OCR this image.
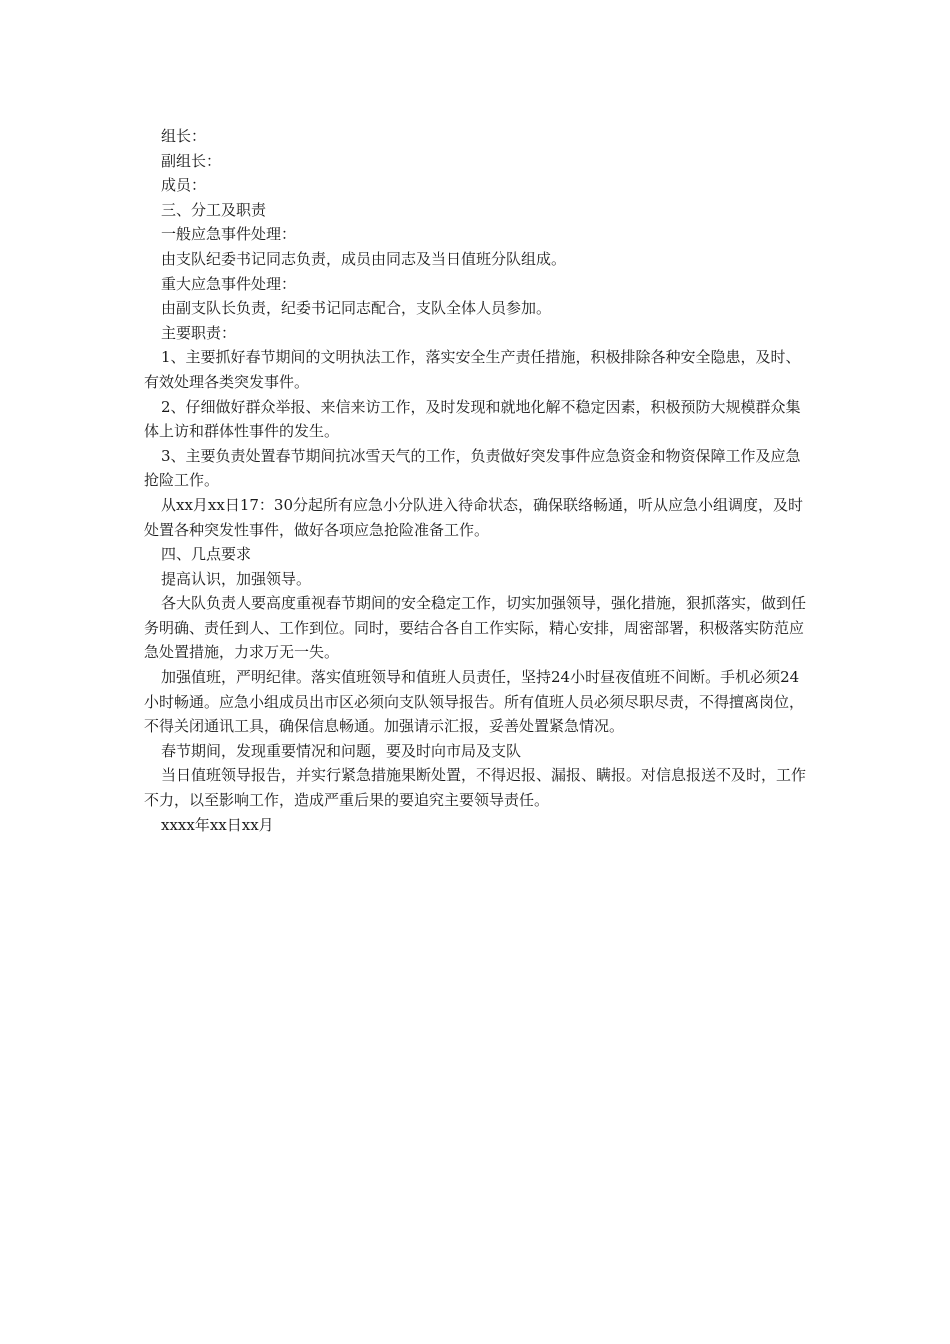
组长：

副组长：

成员：

三、分工及职责

一般应急事件处理：

由支队纪委书记同志负责，成员由同志及当日值班分队组成。

重大应急事件处理：

由副支队长负责，纪委书记同志配合，支队全体人员参加。

主要职责：

1、主要抓好春节期间的文明执法工作，落实安全生产责任措施，积极排除各种安全隐患，及时、有效处理各类突发事件。

2、仔细做好群众举报、来信来访工作，及时发现和就地化解不稳定因素，积极预防大规模群众集体上访和群体性事件的发生。

3、主要负责处置春节期间抗冰雪天气的工作，负责做好突发事件应急资金和物资保障工作及应急抢险工作。

从xx月xx日17：30分起所有应急小分队进入待命状态，确保联络畅通，听从应急小组调度，及时处置各种突发性事件，做好各项应急抢险准备工作。

四、几点要求

提高认识，加强领导。

各大队负责人要高度重视春节期间的安全稳定工作，切实加强领导，强化措施，狠抓落实，做到任务明确、责任到人、工作到位。同时，要结合各自工作实际，精心安排，周密部署，积极落实防范应急处置措施，力求万无一失。

加强值班，严明纪律。落实值班领导和值班人员责任，坚持24小时昼夜值班不间断。手机必须24小时畅通。应急小组成员出市区必须向支队领导报告。所有值班人员必须尽职尽责，不得擅离岗位，不得关闭通讯工具，确保信息畅通。加强请示汇报，妥善处置紧急情况。

春节期间，发现重要情况和问题，要及时向市局及支队

当日值班领导报告，并实行紧急措施果断处置，不得迟报、漏报、瞒报。对信息报送不及时，工作不力，以至影响工作，造成严重后果的要追究主要领导责任。

xxxx年xx日xx月
